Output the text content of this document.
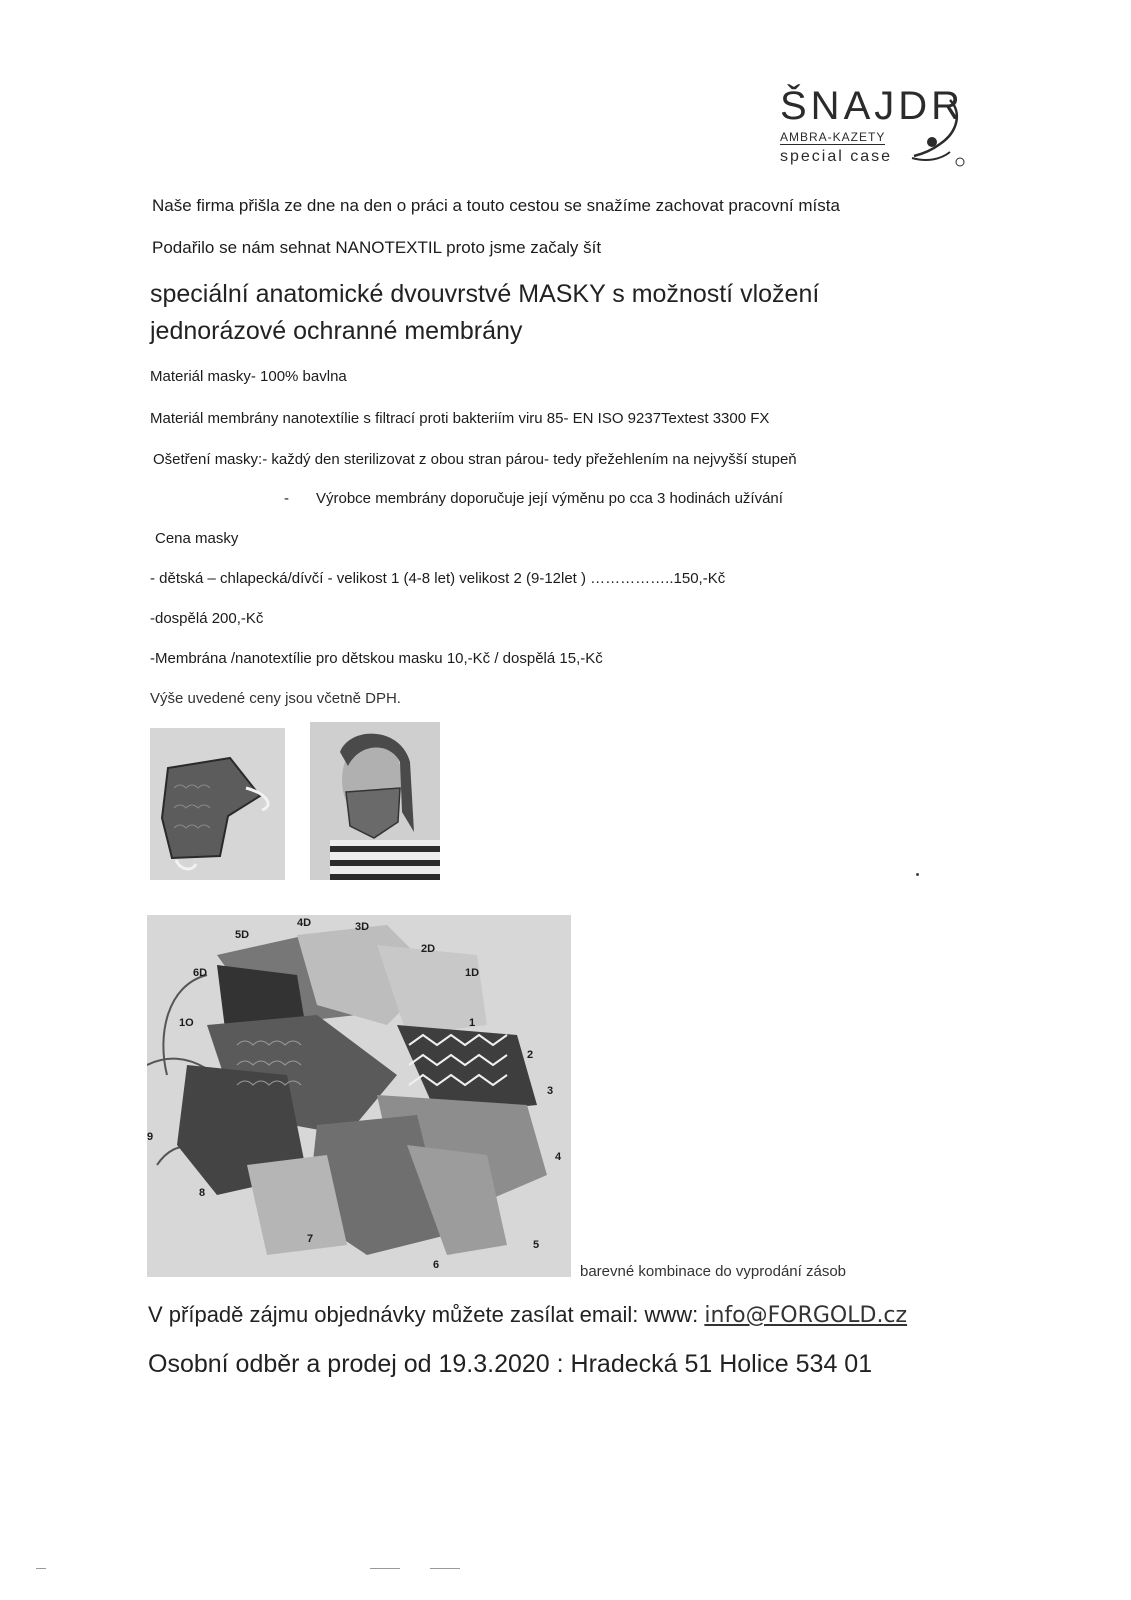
ŠNAJDR
AMBRA-KAZETY
special case
Naše firma přišla ze dne na den o práci a touto cestou se snažíme zachovat pracovní místa
Podařilo se nám sehnat NANOTEXTIL proto jsme začaly šít
speciální anatomické dvouvrstvé MASKY s možností vložení
jednorázové ochranné membrány
Materiál masky- 100% bavlna
Materiál membrány nanotextílie s filtrací proti bakteriím viru 85- EN ISO 9237Textest 3300 FX
Ošetření masky:- každý den sterilizovat z obou stran párou- tedy přežehlením na nejvyšší stupeň
- Výrobce membrány doporučuje její výměnu po cca 3 hodinách užívání
Cena masky
- dětská – chlapecká/dívčí - velikost 1 (4-8 let) velikost 2 (9-12let ) ……………..150,-Kč
-dospělá 200,-Kč
-Membrána /nanotextílie pro dětskou masku 10,-Kč / dospělá 15,-Kč
Výše uvedené ceny jsou včetně DPH.
4D	3D
5D
2D
6D	1D
1O	1
2
3
9
4
8
7	5
6	barevné kombinace do vyprodání zásob
V případě zájmu objednávky můžete zasílat email: www: info@FORGOLD.cz
Osobní odběr a prodej od 19.3.2020 : Hradecká 51 Holice 534 01
